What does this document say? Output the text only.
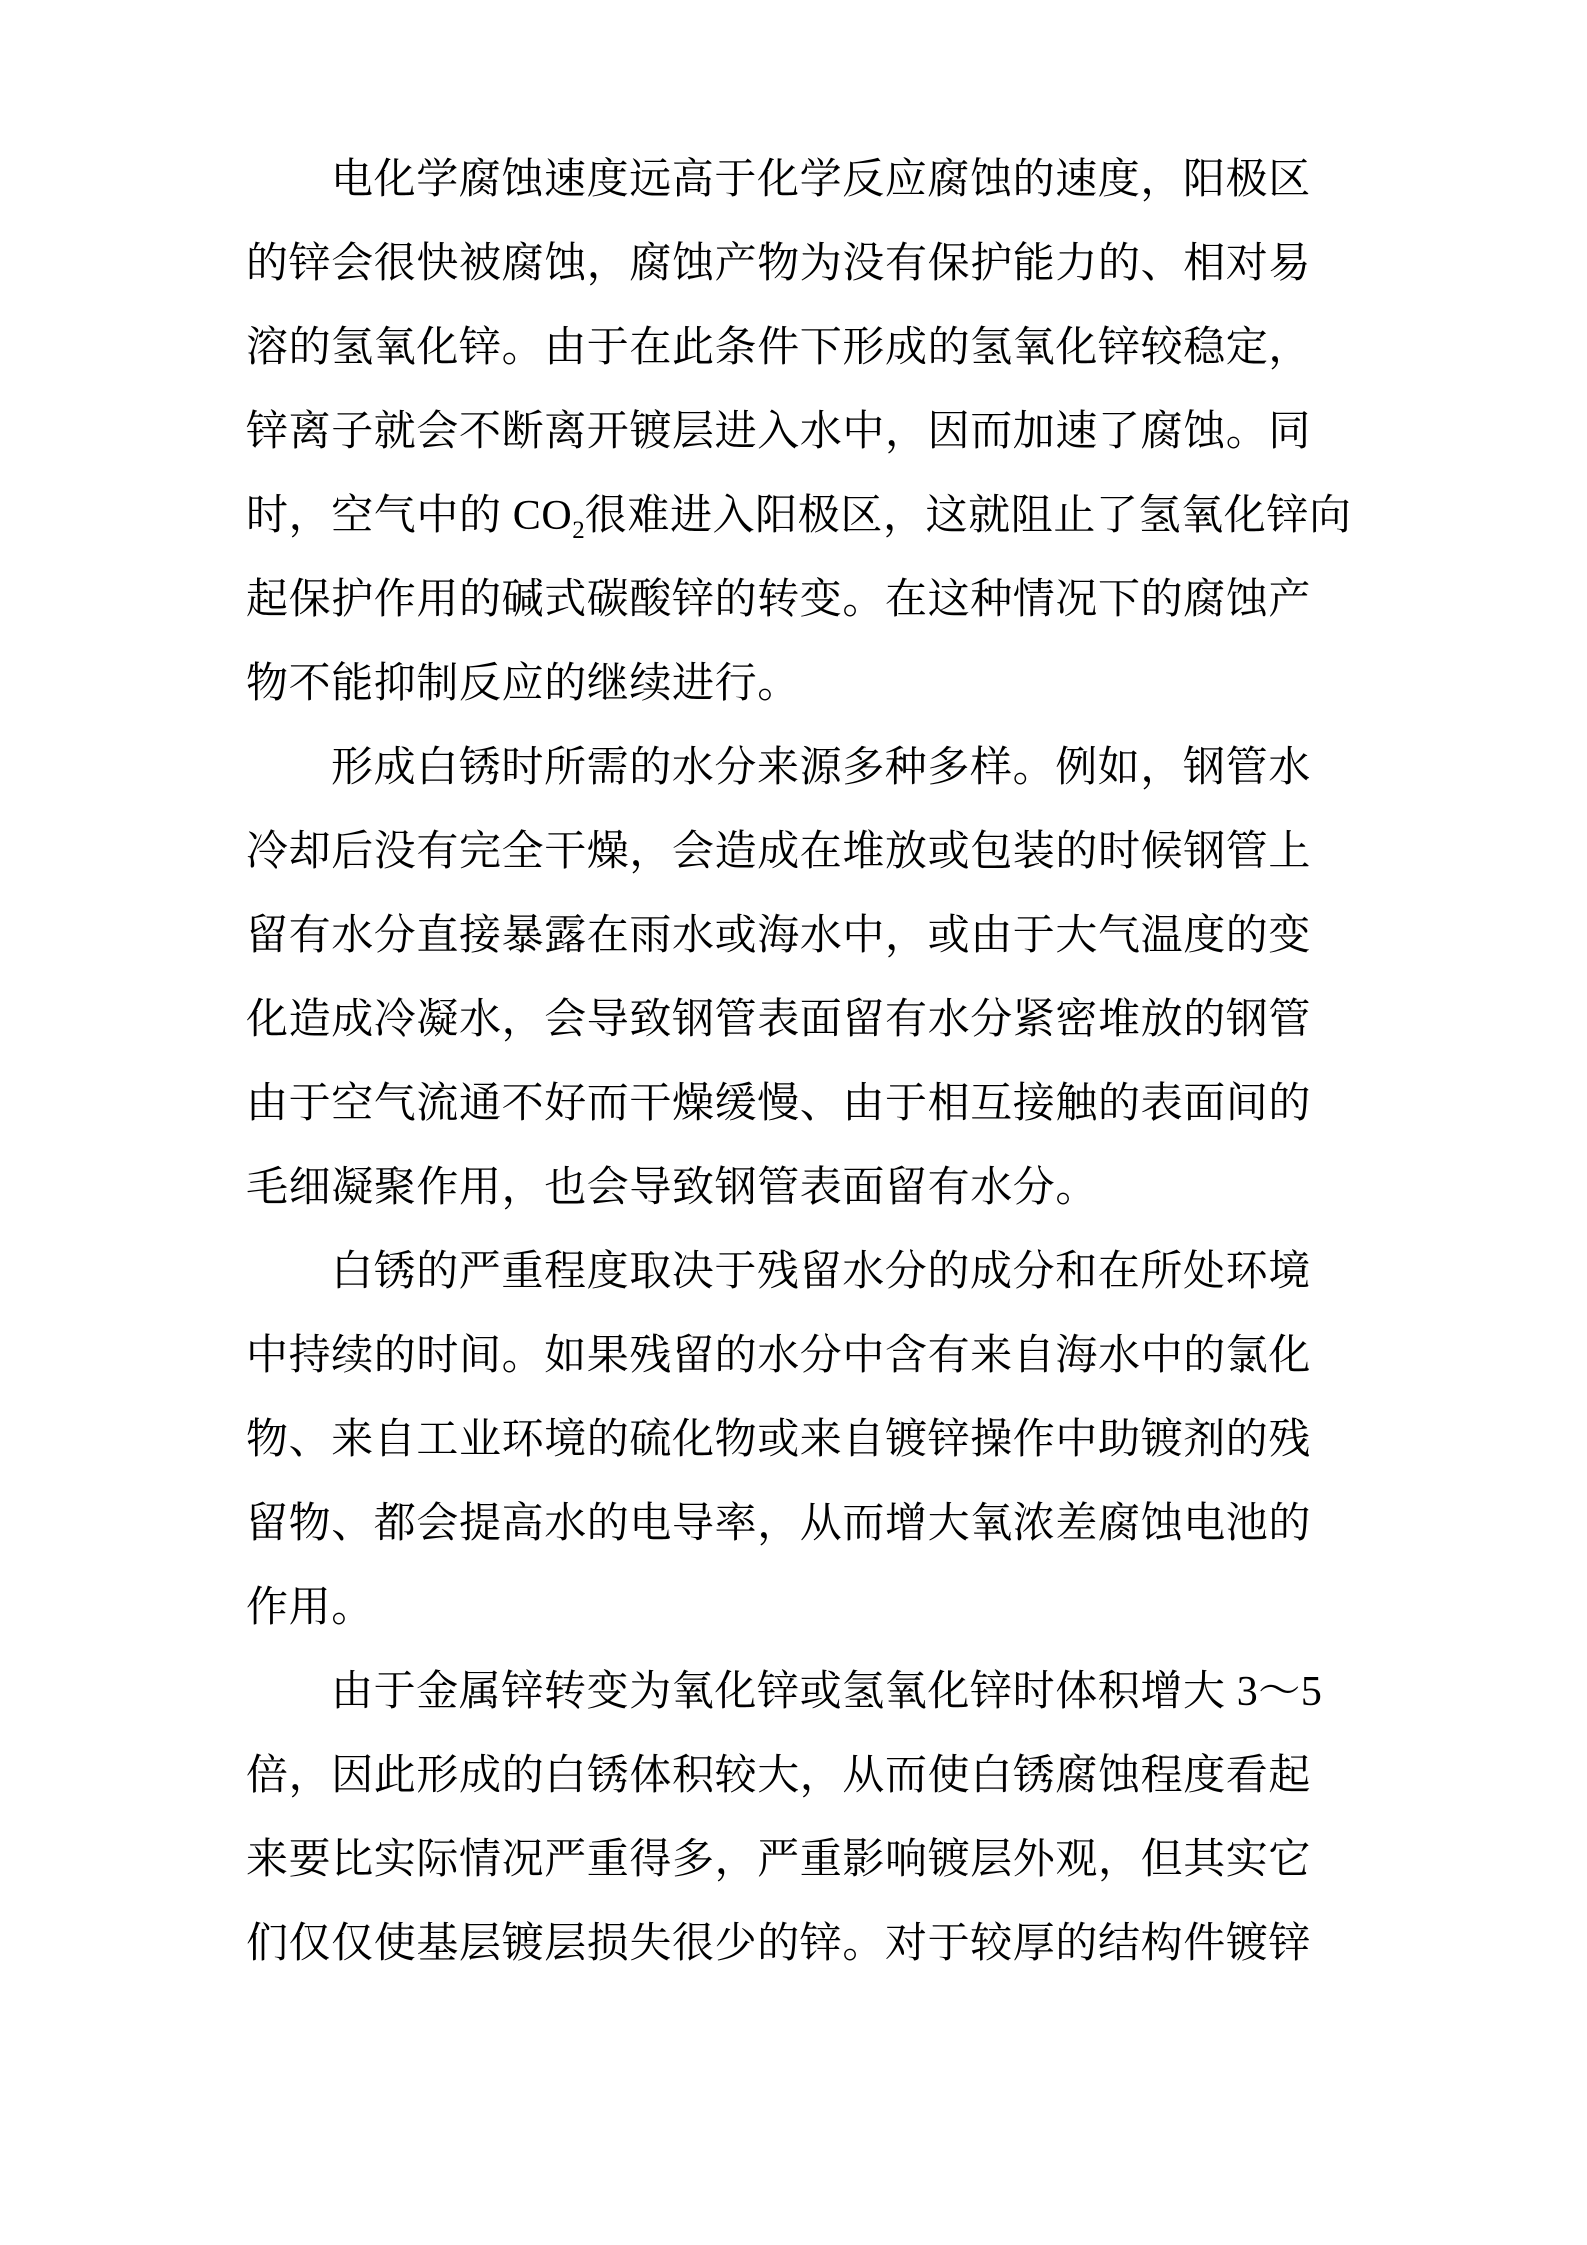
电化学腐蚀速度远高于化学反应腐蚀的速度，阳极区
的锌会很快被腐蚀，腐蚀产物为没有保护能力的、相对易
溶的氢氧化锌。由于在此条件下形成的氢氧化锌较稳定，
锌离子就会不断离开镀层进入水中，因而加速了腐蚀。同
时，空气中的 $CO_2$很难进入阳极区，这就阻止了氢氧化锌向
起保护作用的碱式碳酸锌的转变。在这种情况下的腐蚀产
物不能抑制反应的继续进行。
形成白锈时所需的水分来源多种多样。例如，钢管水
冷却后没有完全干燥，会造成在堆放或包装的时候钢管上
留有水分直接暴露在雨水或海水中，或由于大气温度的变
化造成冷凝水，会导致钢管表面留有水分紧密堆放的钢管
由于空气流通不好而干燥缓慢、由于相互接触的表面间的
毛细凝聚作用，也会导致钢管表面留有水分。
白锈的严重程度取决于残留水分的成分和在所处环境
中持续的时间。如果残留的水分中含有来自海水中的氯化
物、来自工业环境的硫化物或来自镀锌操作中助镀剂的残
留物、都会提高水的电导率，从而增大氧浓差腐蚀电池的
作用。
由于金属锌转变为氧化锌或氢氧化锌时体积增大 3～5
倍，因此形成的白锈体积较大，从而使白锈腐蚀程度看起
来要比实际情况严重得多，严重影响镀层外观，但其实它
们仅仅使基层镀层损失很少的锌。对于较厚的结构件镀锌
